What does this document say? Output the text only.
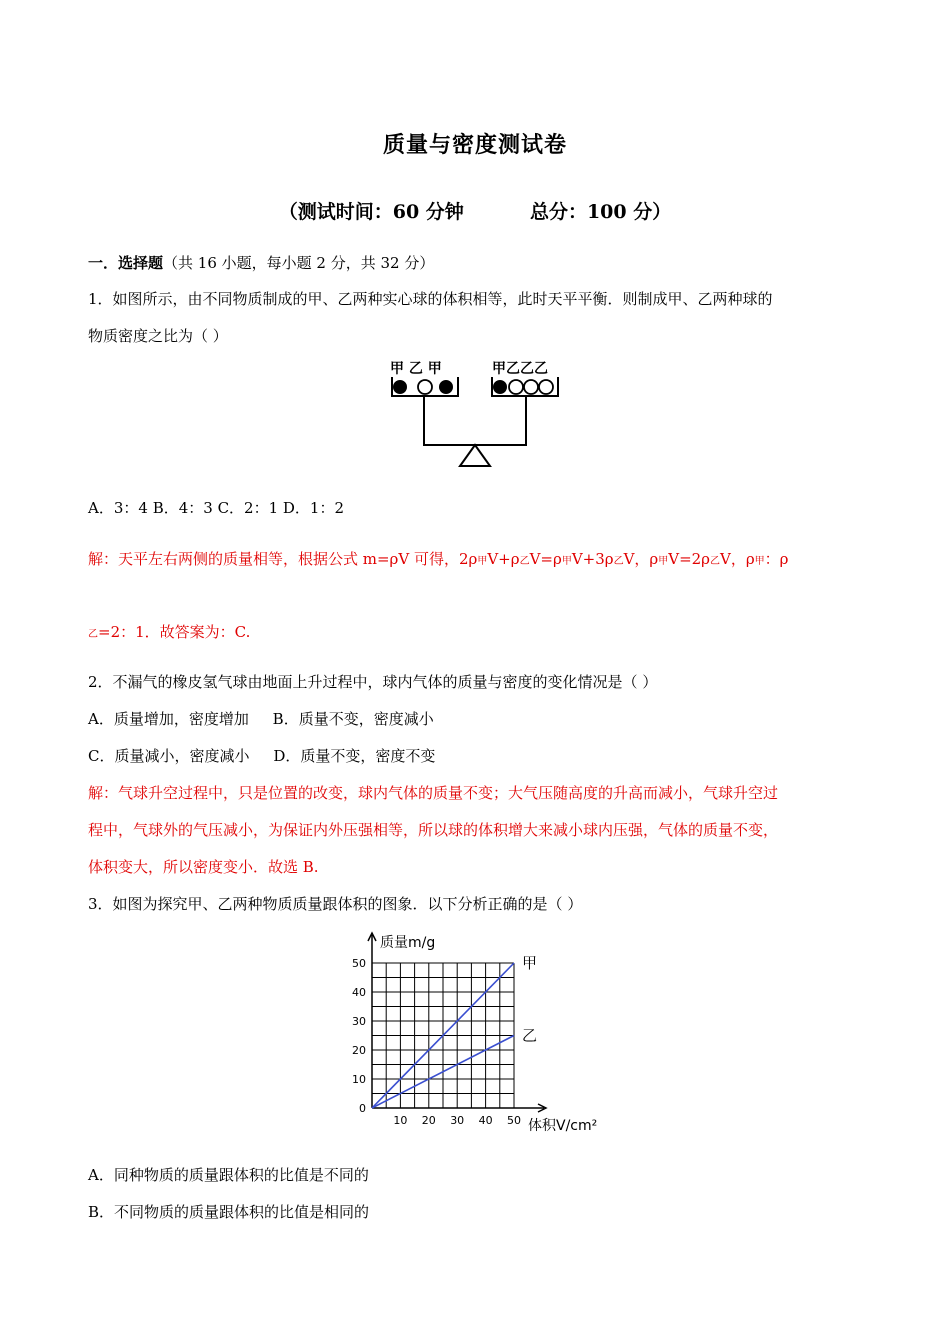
质量与密度测试卷
（测试时间：60 分钟          总分：100 分）
一．选择题（共 16 小题，每小题 2 分，共 32 分）
1．如图所示，由不同物质制成的甲、乙两种实心球的体积相等，此时天平平衡．则制成甲、乙两种球的
物质密度之比为（ ）
甲 乙 甲	甲乙乙乙
A．3：4 B．4：3 C．2：1 D．1：2
解：天平左右两侧的质量相等，根据公式 m=ρV 可得，2ρ甲V+ρ乙V=ρ甲V+3ρ乙V，ρ甲V=2ρ乙V，ρ甲：ρ
乙=2：1．故答案为：C.
2．不漏气的橡皮氢气球由地面上升过程中，球内气体的质量与密度的变化情况是（ ）
A．质量增加，密度增加     B．质量不变，密度减小
C．质量减小，密度减小     D．质量不变，密度不变
解：气球升空过程中，只是位置的改变，球内气体的质量不变；大气压随高度的升高而减小，气球升空过
程中，气球外的气压减小，为保证内外压强相等，所以球的体积增大来减小球内压强，气体的质量不变，
体积变大，所以密度变小．故选 B.
3．如图为探究甲、乙两种物质质量跟体积的图象．以下分析正确的是（ ）
0
10
20
30
40
50
10 20 30 40 50
质量m/g
体积V/cm²
甲
乙
A．同种物质的质量跟体积的比值是不同的
B．不同物质的质量跟体积的比值是相同的
